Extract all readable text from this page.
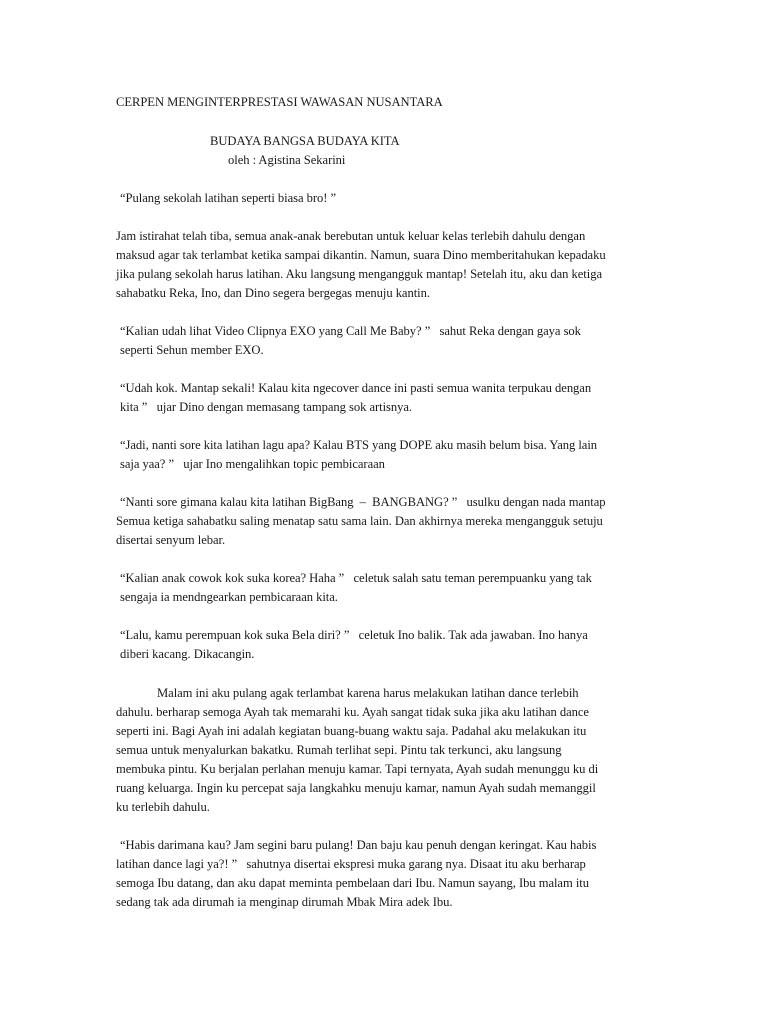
CERPEN MENGINTERPRESTASI WAWASAN NUSANTARA
BUDAYA BANGSA BUDAYA KITA
oleh : Agistina Sekarini
“Pulang sekolah latihan seperti biasa bro! ”
Jam istirahat telah tiba, semua anak-anak berebutan untuk keluar kelas terlebih dahulu dengan
maksud agar tak terlambat ketika sampai dikantin. Namun, suara Dino memberitahukan kepadaku
jika pulang sekolah harus latihan. Aku langsung mengangguk mantap! Setelah itu, aku dan ketiga
sahabatku Reka, Ino, dan Dino segera bergegas menuju kantin.
“Kalian udah lihat Video Clipnya EXO yang Call Me Baby? ”   sahut Reka dengan gaya sok
seperti Sehun member EXO.
“Udah kok. Mantap sekali! Kalau kita ngecover dance ini pasti semua wanita terpukau dengan
kita ”   ujar Dino dengan memasang tampang sok artisnya.
“Jadi, nanti sore kita latihan lagu apa? Kalau BTS yang DOPE aku masih belum bisa. Yang lain
saja yaa? ”   ujar Ino mengalihkan topic pembicaraan
“Nanti sore gimana kalau kita latihan BigBang  –  BANGBANG? ”   usulku dengan nada mantap
Semua ketiga sahabatku saling menatap satu sama lain. Dan akhirnya mereka mengangguk setuju
disertai senyum lebar.
“Kalian anak cowok kok suka korea? Haha ”   celetuk salah satu teman perempuanku yang tak
sengaja ia mendngearkan pembicaraan kita.
“Lalu, kamu perempuan kok suka Bela diri? ”   celetuk Ino balik. Tak ada jawaban. Ino hanya
diberi kacang. Dikacangin.
Malam ini aku pulang agak terlambat karena harus melakukan latihan dance terlebih
dahulu. berharap semoga Ayah tak memarahi ku. Ayah sangat tidak suka jika aku latihan dance
seperti ini. Bagi Ayah ini adalah kegiatan buang-buang waktu saja. Padahal aku melakukan itu
semua untuk menyalurkan bakatku. Rumah terlihat sepi. Pintu tak terkunci, aku langsung
membuka pintu. Ku berjalan perlahan menuju kamar. Tapi ternyata, Ayah sudah menunggu ku di
ruang keluarga. Ingin ku percepat saja langkahku menuju kamar, namun Ayah sudah memanggil
ku terlebih dahulu.
“Habis darimana kau? Jam segini baru pulang! Dan baju kau penuh dengan keringat. Kau habis
latihan dance lagi ya?! ”   sahutnya disertai ekspresi muka garang nya. Disaat itu aku berharap
semoga Ibu datang, dan aku dapat meminta pembelaan dari Ibu. Namun sayang, Ibu malam itu
sedang tak ada dirumah ia menginap dirumah Mbak Mira adek Ibu.
